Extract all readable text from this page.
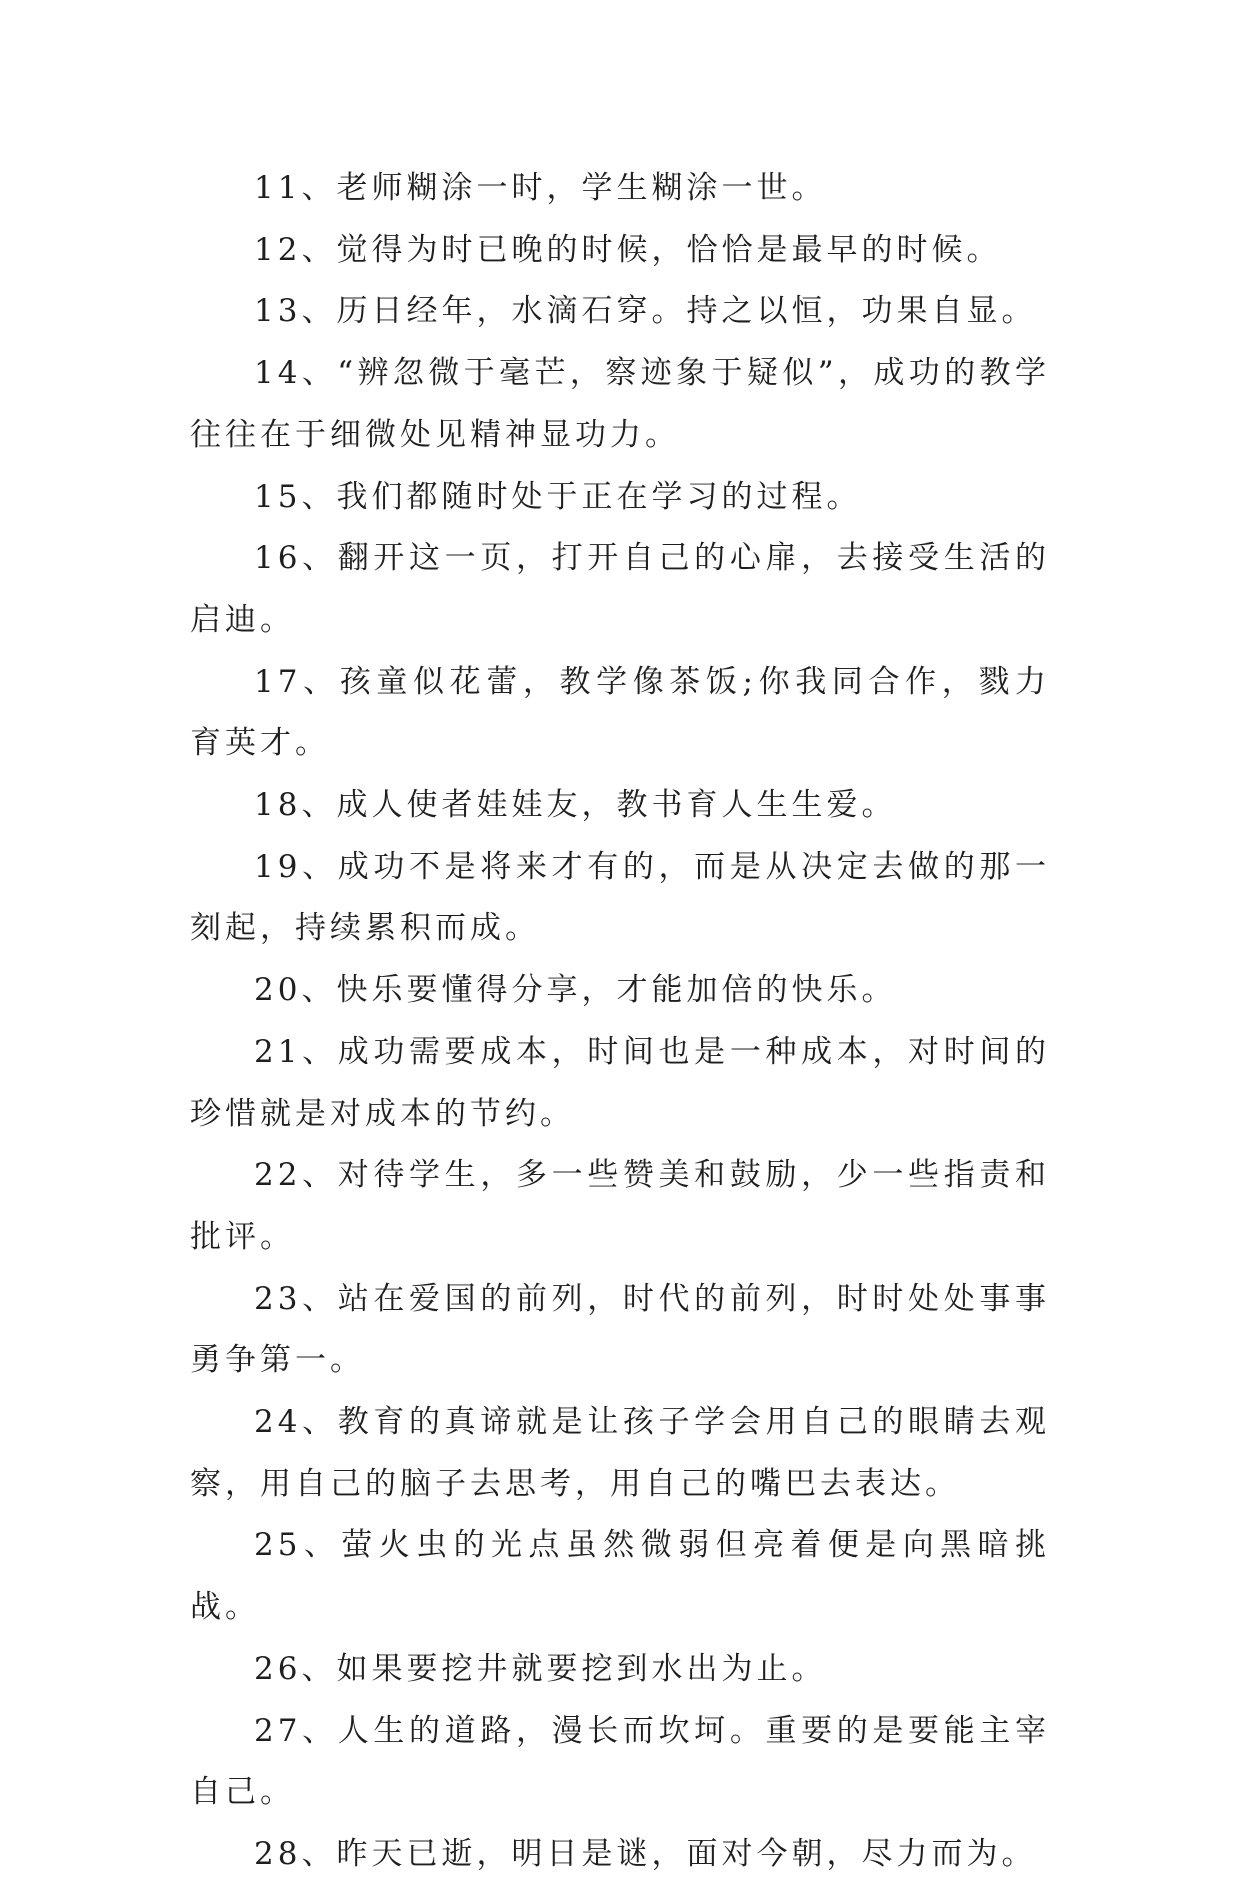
11、老师糊涂一时，学生糊涂一世。

12、觉得为时已晚的时候，恰恰是最早的时候。

13、历日经年，水滴石穿。持之以恒，功果自显。

14、“辨忽微于毫芒，察迹象于疑似”，成功的教学往往在于细微处见精神显功力。

15、我们都随时处于正在学习的过程。

16、翻开这一页，打开自己的心扉，去接受生活的启迪。

17、孩童似花蕾，教学像茶饭;你我同合作，戮力育英才。

18、成人使者娃娃友，教书育人生生爱。

19、成功不是将来才有的，而是从决定去做的那一刻起，持续累积而成。

20、快乐要懂得分享，才能加倍的快乐。

21、成功需要成本，时间也是一种成本，对时间的珍惜就是对成本的节约。

22、对待学生，多一些赞美和鼓励，少一些指责和批评。

23、站在爱国的前列，时代的前列，时时处处事事勇争第一。

24、教育的真谛就是让孩子学会用自己的眼睛去观察，用自己的脑子去思考，用自己的嘴巴去表达。

25、萤火虫的光点虽然微弱但亮着便是向黑暗挑战。

26、如果要挖井就要挖到水出为止。

27、人生的道路，漫长而坎坷。重要的是要能主宰自己。

28、昨天已逝，明日是谜，面对今朝，尽力而为。
